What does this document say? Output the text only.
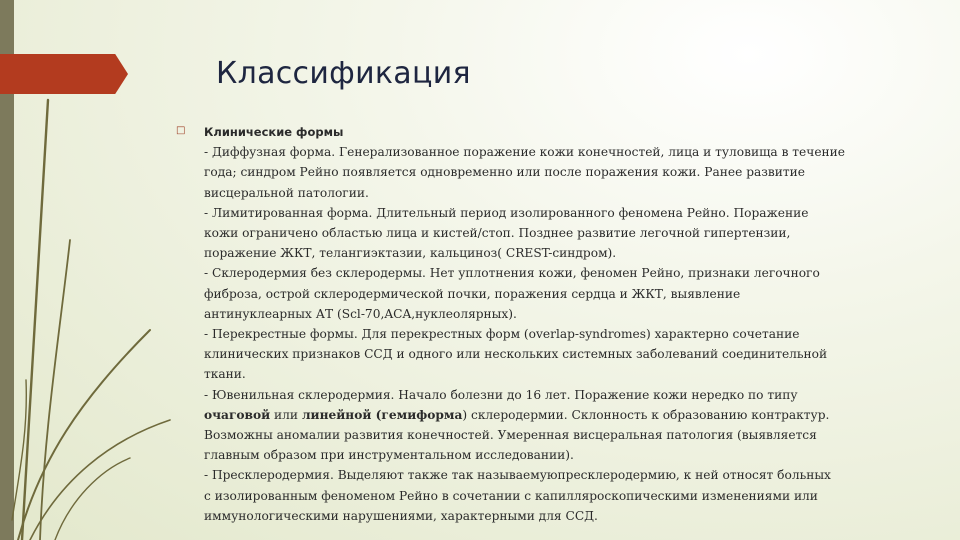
Классификация
□ Клинические формы
- Диффузная форма. Генерализованное поражение кожи конечностей, лица и туловища в течение
года; синдром Рейно появляется одновременно или после поражения кожи. Ранее развитие
висцеральной патологии.
- Лимитированная форма. Длительный период изолированного феномена Рейно. Поражение
кожи ограничено областью лица и кистей/стоп. Позднее развитие легочной гипертензии,
поражение ЖКТ, телангиэктазии, кальциноз( CREST-синдром).
- Склеродермия без склеродермы. Нет уплотнения кожи, феномен Рейно, признаки легочного
фиброза, острой склеродермической почки, поражения сердца и ЖКТ, выявление
антинуклеарных АТ (Scl-70,ACA,нуклеолярных).
- Перекрестные формы. Для перекрестных форм (overlap-syndromes) характерно сочетание
клинических признаков ССД и одного или нескольких системных заболеваний соединительной
ткани.
- Ювенильная склеродермия. Начало болезни до 16 лет. Поражение кожи нередко по типу
очаговой или линейной (гемиформа) склеродермии. Склонность к образованию контрактур.
Возможны аномалии развития конечностей. Умеренная висцеральная патология (выявляется
главным образом при инструментальном исследовании).
- Пресклеродермия. Выделяют также так называемуюпресклеродермию, к ней относят больных
с изолированным феноменом Рейно в сочетании с капилляроскопическими изменениями или
иммунологическими нарушениями, характерными для ССД.
